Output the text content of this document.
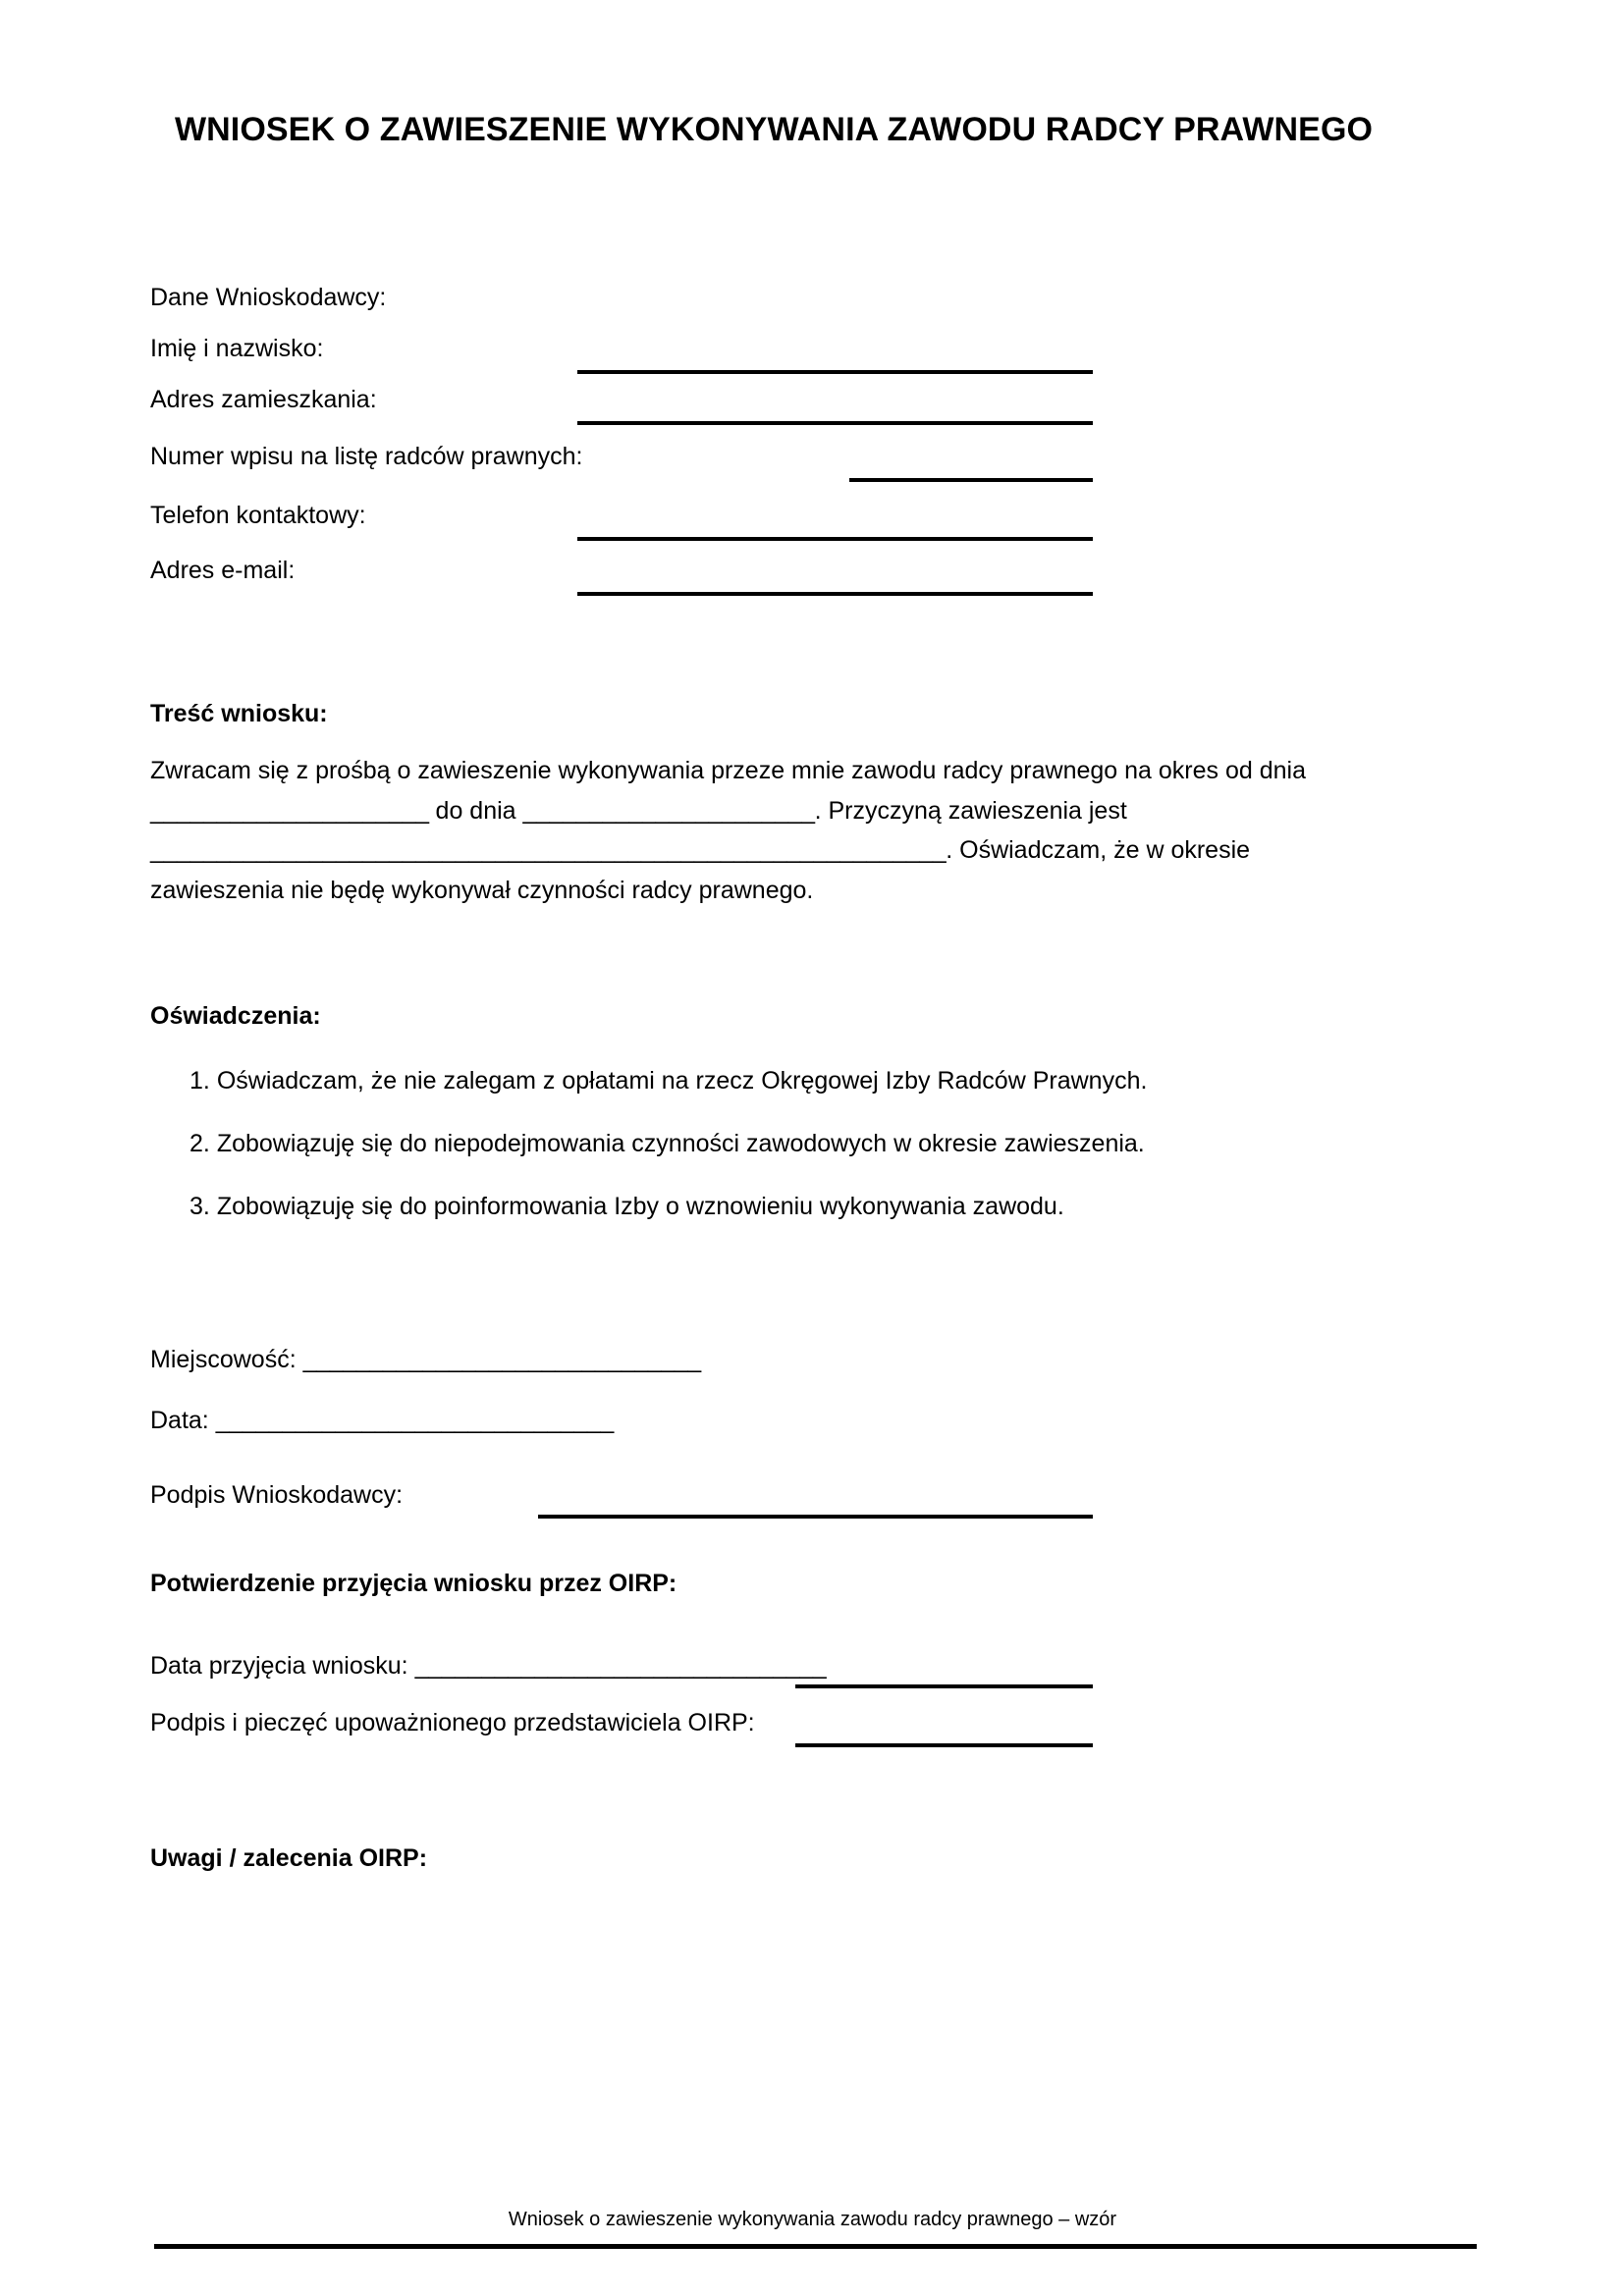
WNIOSEK O ZAWIESZENIE WYKONYWANIA ZAWODU RADCY PRAWNEGO
Dane Wnioskodawcy:
Imię i nazwisko:
Adres zamieszkania:
Numer wpisu na listę radców prawnych:
Telefon kontaktowy:
Adres e-mail:
Treść wniosku:
Zwracam się z prośbą o zawieszenie wykonywania przeze mnie zawodu radcy prawnego na okres od dnia _____________________ do dnia ______________________. Przyczyną zawieszenia jest ____________________________________________________________. Oświadczam, że w okresie zawieszenia nie będę wykonywał czynności radcy prawnego.
Oświadczenia:
1. Oświadczam, że nie zalegam z opłatami na rzecz Okręgowej Izby Radców Prawnych.
2. Zobowiązuję się do niepodejmowania czynności zawodowych w okresie zawieszenia.
3. Zobowiązuję się do poinformowania Izby o wznowieniu wykonywania zawodu.
Miejscowość: ______________________________
Data: ______________________________
Podpis Wnioskodawcy:
Potwierdzenie przyjęcia wniosku przez OIRP:
Data przyjęcia wniosku: _______________________________
Podpis i pieczęć upoważnionego przedstawiciela OIRP:
Uwagi / zalecenia OIRP:
Wniosek o zawieszenie wykonywania zawodu radcy prawnego – wzór
